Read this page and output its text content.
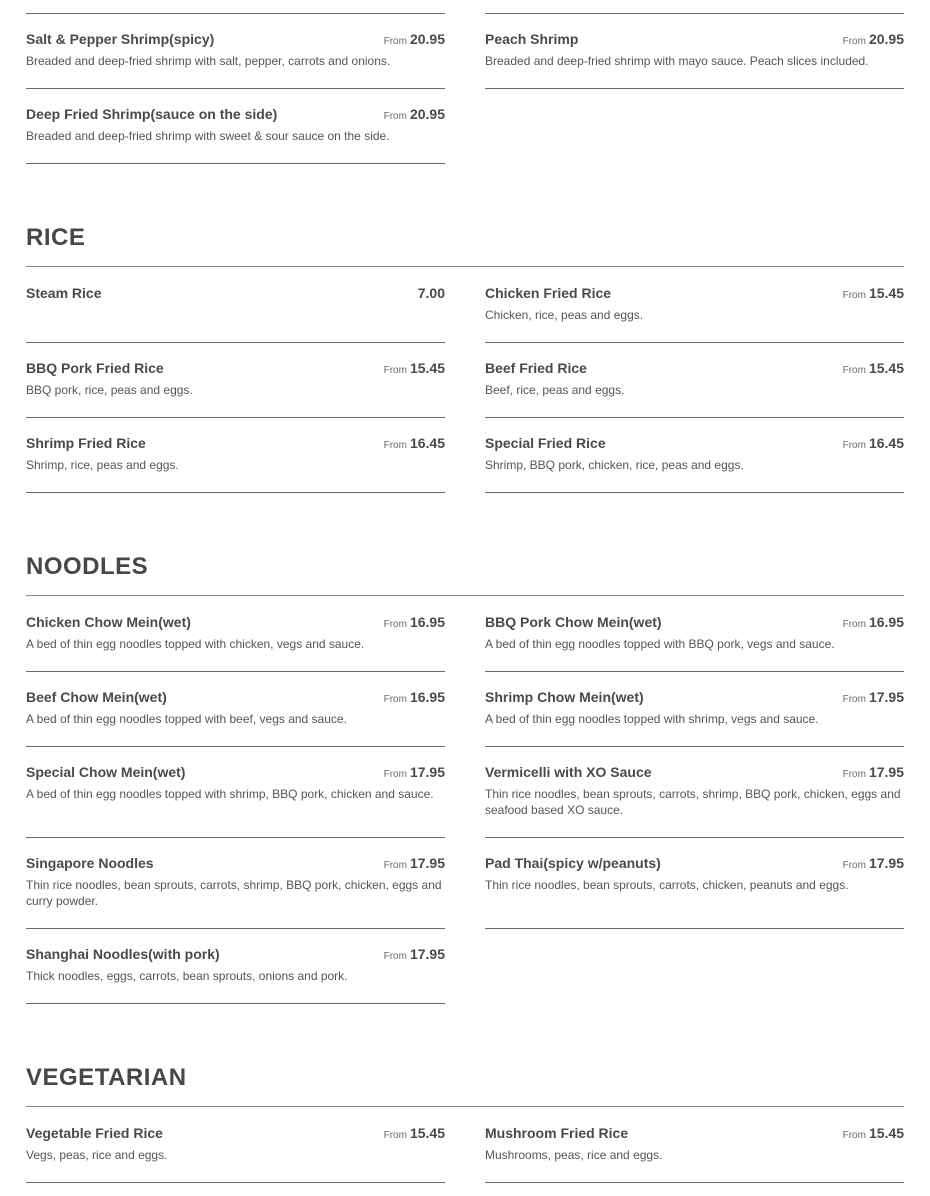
Salt & Pepper Shrimp(spicy)	From 20.95
Breaded and deep-fried shrimp with salt, pepper, carrots and onions.
Peach Shrimp	From 20.95
Breaded and deep-fried shrimp with mayo sauce. Peach slices included.
Deep Fried Shrimp(sauce on the side)	From 20.95
Breaded and deep-fried shrimp with sweet & sour sauce on the side.
RICE
Steam Rice	7.00	Chicken Fried Rice	From 15.45
Chicken, rice, peas and eggs.
BBQ Pork Fried Rice	From 15.45
BBQ pork, rice, peas and eggs.
Beef Fried Rice	From 15.45
Beef, rice, peas and eggs.
Shrimp Fried Rice	From 16.45
Shrimp, rice, peas and eggs.
Special Fried Rice	From 16.45
Shrimp, BBQ pork, chicken, rice, peas and eggs.
NOODLES
Chicken Chow Mein(wet)	From 16.95
A bed of thin egg noodles topped with chicken, vegs and sauce.
BBQ Pork Chow Mein(wet)	From 16.95
A bed of thin egg noodles topped with BBQ pork, vegs and sauce.
Beef Chow Mein(wet)	From 16.95
A bed of thin egg noodles topped with beef, vegs and sauce.
Shrimp Chow Mein(wet)	From 17.95
A bed of thin egg noodles topped with shrimp, vegs and sauce.
Special Chow Mein(wet)	From 17.95
A bed of thin egg noodles topped with shrimp, BBQ pork, chicken and sauce.
Vermicelli with XO Sauce	From 17.95
Thin rice noodles, bean sprouts, carrots, shrimp, BBQ pork, chicken, eggs and seafood based XO sauce.
Singapore Noodles	From 17.95
Thin rice noodles, bean sprouts, carrots, shrimp, BBQ pork, chicken, eggs and curry powder.
Pad Thai(spicy w/peanuts)	From 17.95
Thin rice noodles, bean sprouts, carrots, chicken, peanuts and eggs.
Shanghai Noodles(with pork)	From 17.95
Thick noodles, eggs, carrots, bean sprouts, onions and pork.
VEGETARIAN
Vegetable Fried Rice	From 15.45
Vegs, peas, rice and eggs.
Mushroom Fried Rice	From 15.45
Mushrooms, peas, rice and eggs.
